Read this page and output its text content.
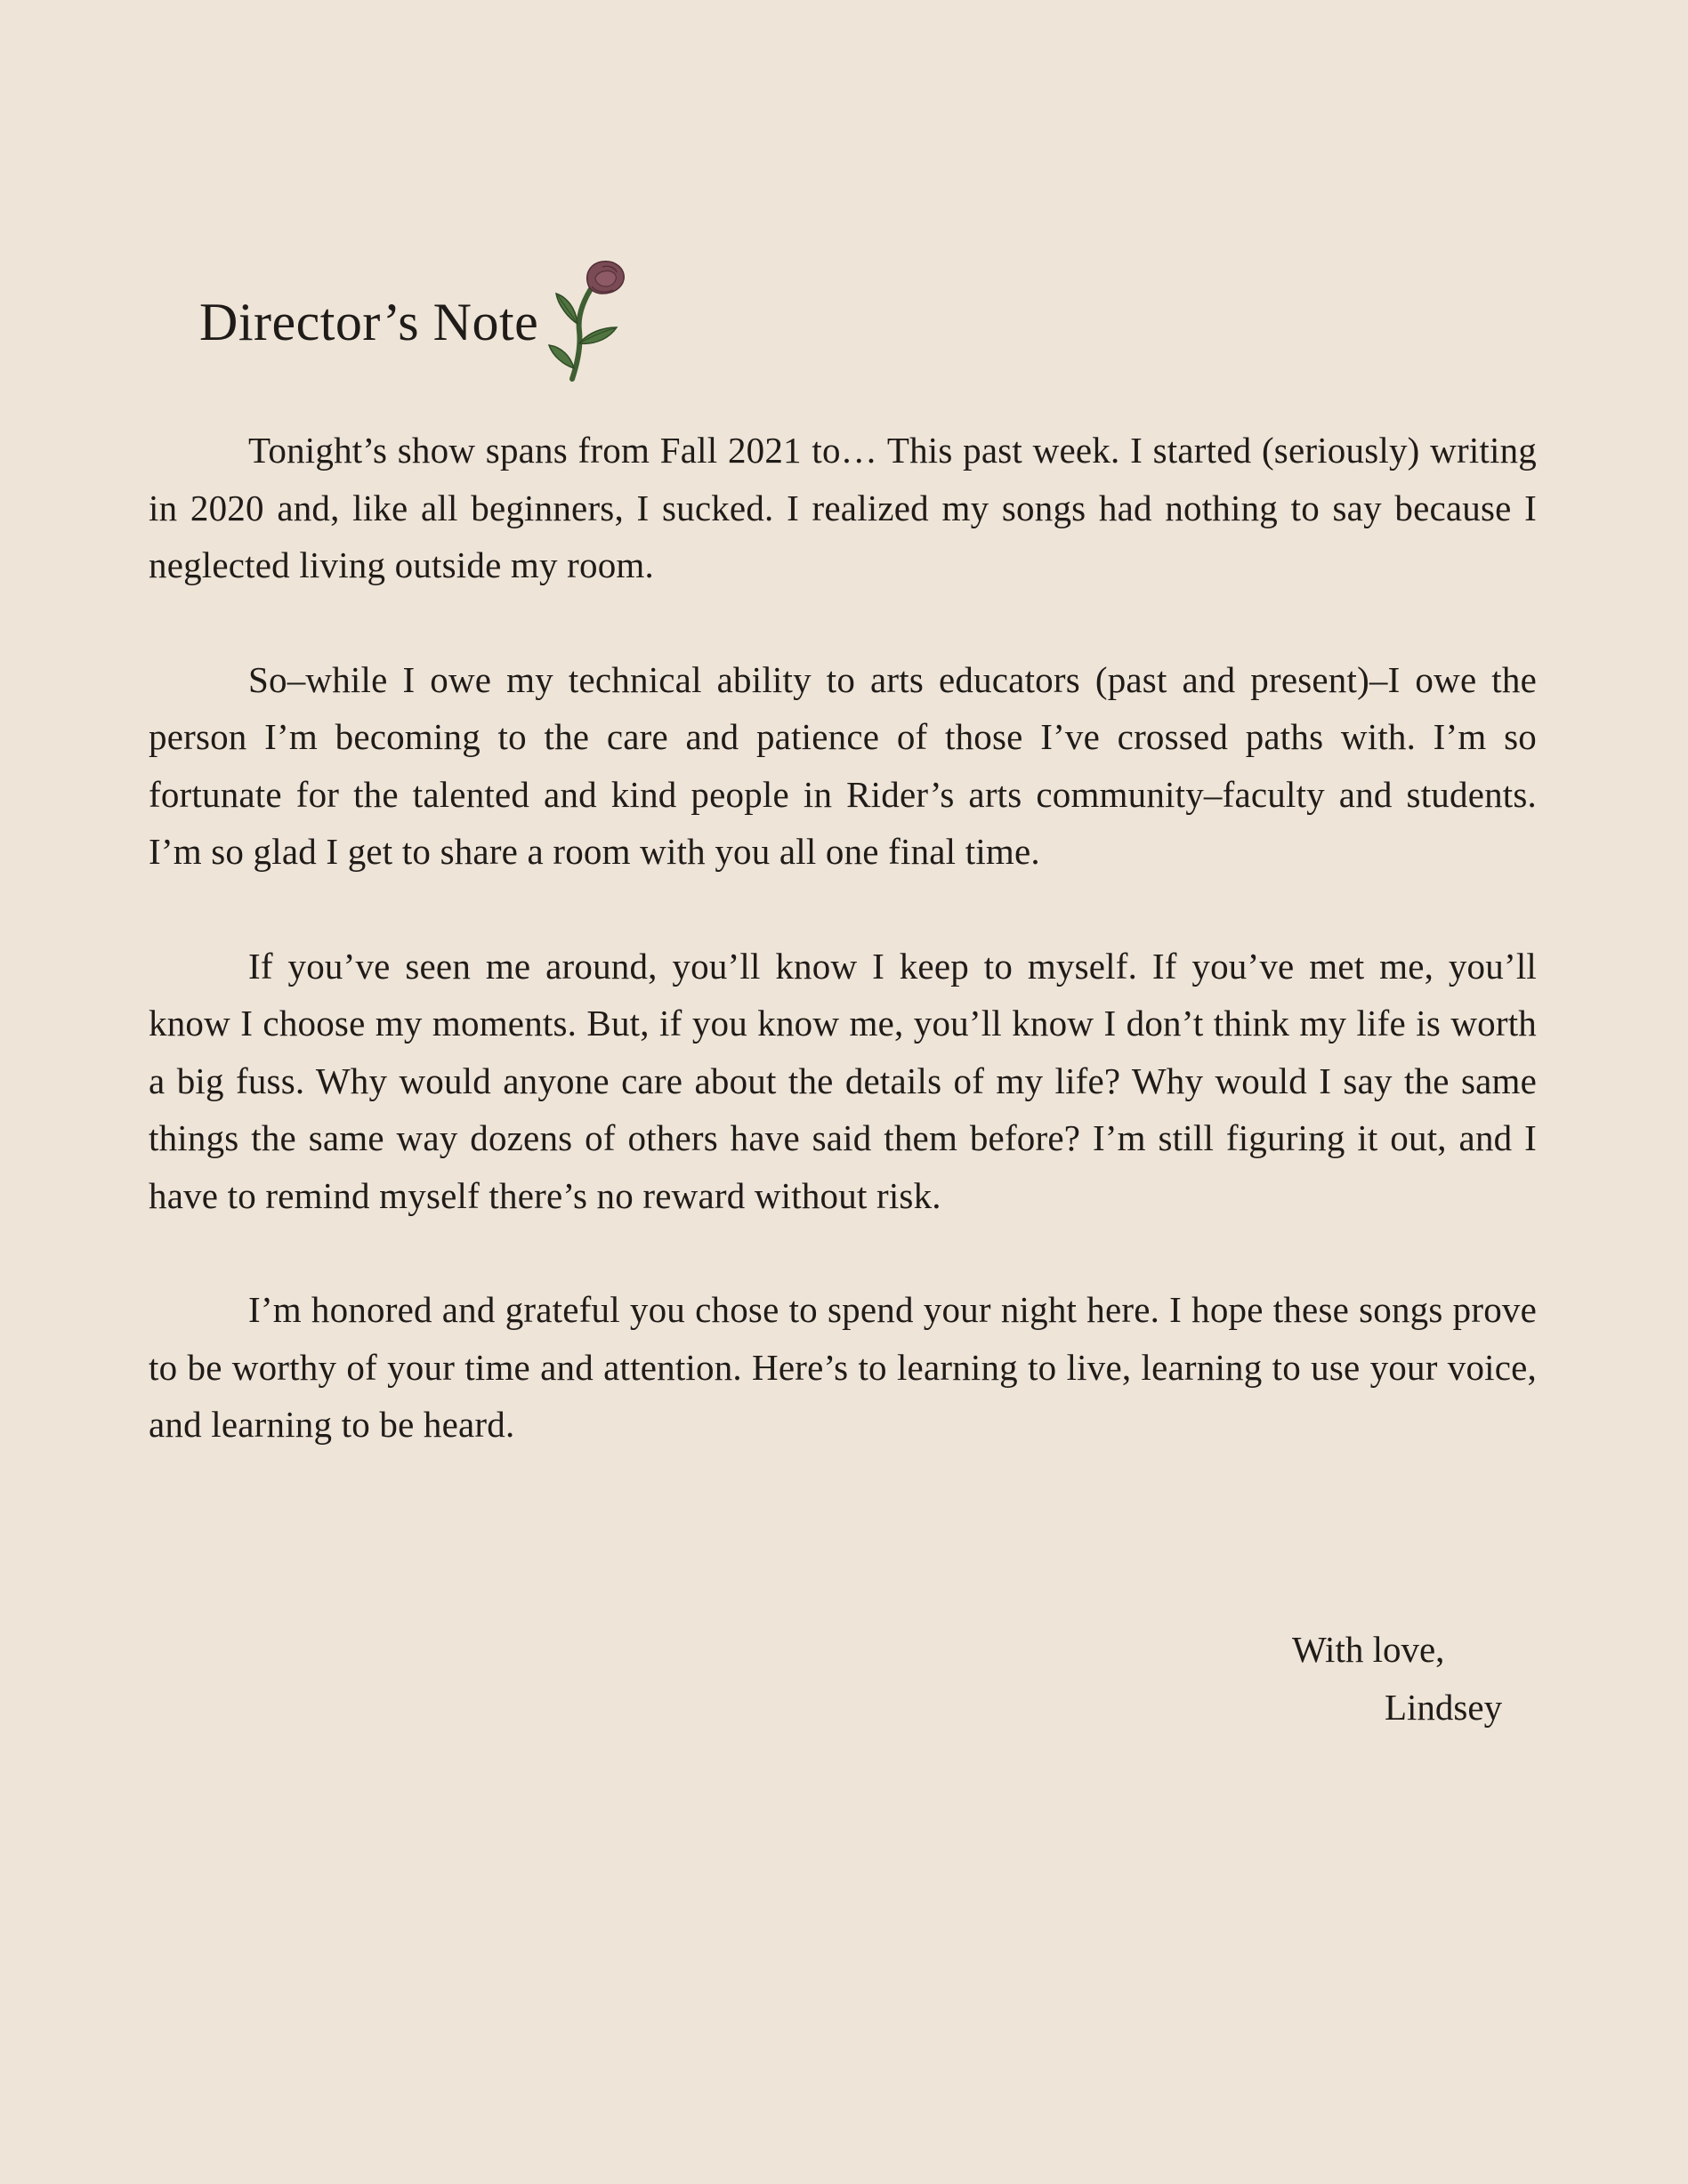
Director’s Note

Tonight’s show spans from Fall 2021 to… This past week. I started (seriously) writing in 2020 and, like all beginners, I sucked. I realized my songs had nothing to say because I neglected living outside my room.

So–while I owe my technical ability to arts educators (past and present)–I owe the person I’m becoming to the care and patience of those I’ve crossed paths with. I’m so fortunate for the talented and kind people in Rider’s arts community–faculty and students. I’m so glad I get to share a room with you all one final time.

If you’ve seen me around, you’ll know I keep to myself. If you’ve met me, you’ll know I choose my moments. But, if you know me, you’ll know I don’t think my life is worth a big fuss. Why would anyone care about the details of my life? Why would I say the same things the same way dozens of others have said them before? I’m still figuring it out, and I have to remind myself there’s no reward without risk.

I’m honored and grateful you chose to spend your night here. I hope these songs prove to be worthy of your time and attention. Here’s to learning to live, learning to use your voice, and learning to be heard.

With love,
Lindsey
